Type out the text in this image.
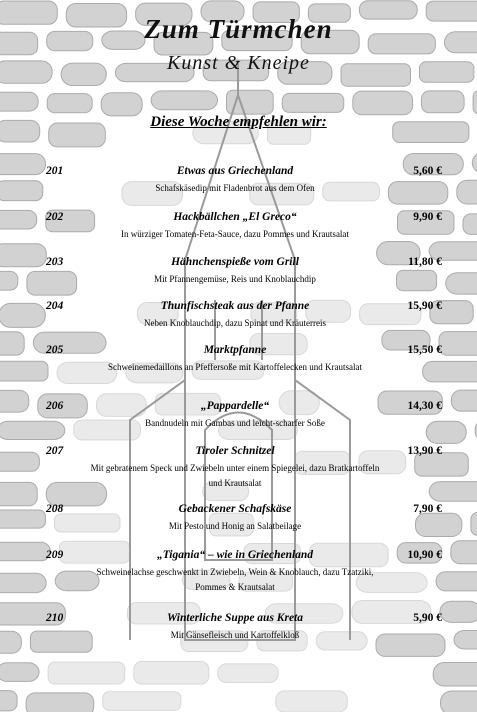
Zum Türmchen
Kunst & Kneipe
Diese Woche empfehlen wir:
201	Etwas aus Griechenland	5,60 €
Schafskäsedip mit Fladenbrot aus dem Ofen
202	Hackbällchen „El Greco“	9,90 €
In würziger Tomaten-Feta-Sauce, dazu Pommes und Krautsalat
203	Hähnchenspieße vom Grill	11,80 €
Mit Pfannengemüse, Reis und Knoblauchdip
204	Thunfischsteak aus der Pfanne	15,90 €
Neben Knoblauchdip, dazu Spinat und Kräuterreis
205	Marktpfanne	15,50 €
Schweinemedaillons an Pfeffersoße mit Kartoffelecken und Krautsalat
206	„Pappardelle“	14,30 €
Bandnudeln mit Gambas und leicht-scharfer Soße
207	Tiroler Schnitzel	13,90 €
Mit gebratenem Speck und Zwiebeln unter einem Spiegelei, dazu Bratkartoffeln und Krautsalat
208	Gebackener Schafskäse	7,90 €
Mit Pesto und Honig an Salatbeilage
209	„Tigania“ – wie in Griechenland	10,90 €
Schweinelachse geschwenkt in Zwiebeln, Wein & Knoblauch, dazu Tzatziki, Pommes & Krautsalat
210	Winterliche Suppe aus Kreta	5,90 €
Mit Gänsefleisch und Kartoffelkloß
